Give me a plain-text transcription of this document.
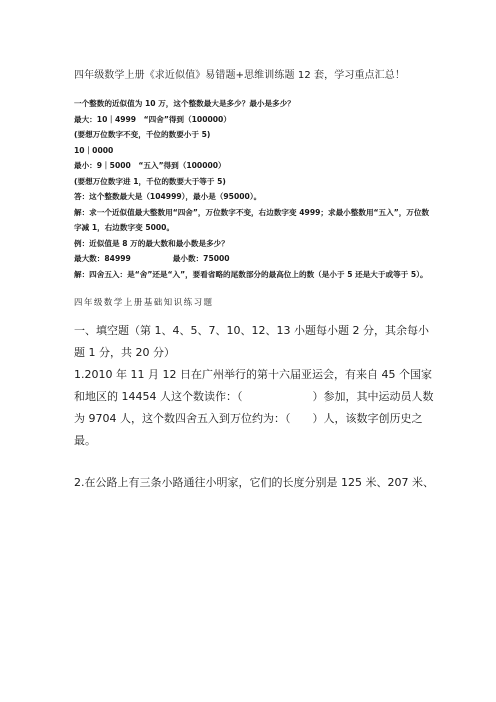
四年级数学上册《求近似值》易错题+思维训练题 12 套，学习重点汇总！

一个整数的近似值为 10 万，这个整数最大是多少？最小是多少？

最大：10｜4999　“四舍”得到（100000）

(要想万位数字不变，千位的数要小于 5)

10｜0000

最小：9｜5000　“五入”得到（100000）

(要想万位数字进 1，千位的数要大于等于 5)

答：这个整数最大是（104999），最小是（95000）。

解：求一个近似值最大整数用“四舍”，万位数字不变，右边数字变 4999；求最小整数用“五入”，万位数字减 1，右边数字变 5000。

例：近似值是 8 万的最大数和最小数是多少？

最大数：84999	最小数：75000

解：四舍五入：是“舍”还是“入”，要看省略的尾数部分的最高位上的数（是小于 5 还是大于或等于 5）。

四年级数学上册基础知识练习题

一、填空题（第 1、4、5、7、10、12、13 小题每小题 2 分，其余每小题 1 分，共 20 分）

1.2010 年 11 月 12 日在广州举行的第十六届亚运会，有来自 45 个国家和地区的 14454 人这个数读作：（	）参加，其中运动员人数为 9704 人，这个数四舍五入到万位约为：（ ）人，该数字创历史之最。

2.在公路上有三条小路通往小明家，它们的长度分别是 125 米、207 米、
